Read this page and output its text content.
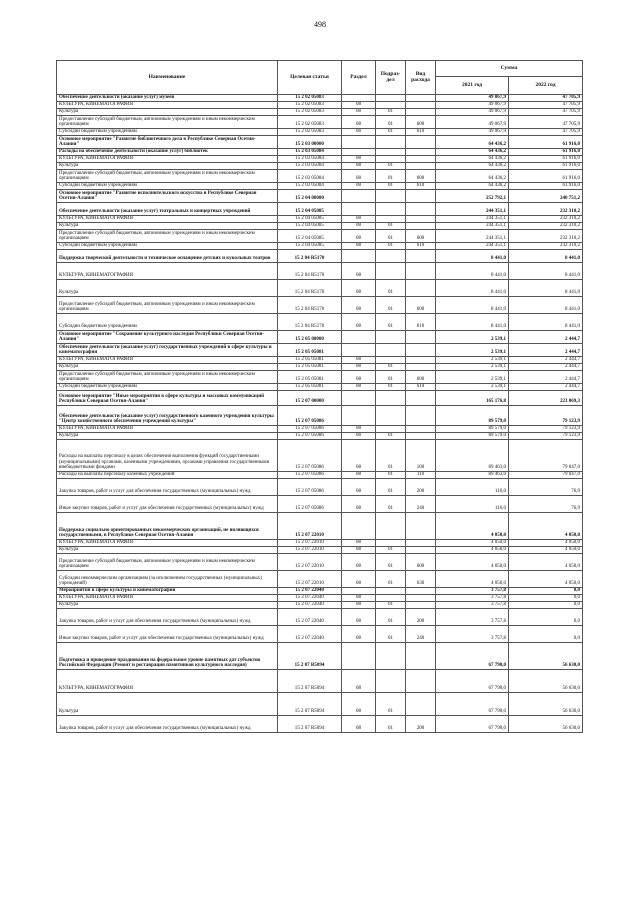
498
Наименование	Целевая статья	Раздел	Подраз-дел	Вид расхода	Сумма	
					2021 год	2022 год
Обеспечение деятельности (оказание услуг) музеев	15 2 02 05083				49 067,9	47 705,9
КУЛЬТУРА, КИНЕМАТОГРАФИЯ	15 2 02 05083	08			49 067,9	47 705,9
Культура	15 2 02 05083	08	01		49 067,9	47 705,9
Предоставление субсидий бюджетным, автономным учреждениям и иным некоммерческим организациям	15 2 02 05083	08	01	600	49 067,9	47 705,9
Субсидии бюджетным учреждениям	15 2 02 05083	08	01	610	49 067,9	47 705,9
Основное мероприятие "Развитие библиотечного дела в Республике Северная Осетия-Алания"	15 2 03 00000				64 436,2	61 916,0
Расходы на обеспечение деятельности (оказание услуг) библиотек	15 2 03 05084				64 436,2	61 916,0
КУЛЬТУРА, КИНЕМАТОГРАФИЯ	15 2 03 05084	08			64 436,2	61 916,0
Культура	15 2 03 05084	08	01		64 436,2	61 916,0
Предоставление субсидий бюджетным, автономным учреждениям и иным некоммерческим организациям	15 2 03 05084	08	01	600	64 436,2	61 916,0
Субсидии бюджетным учреждениям	15 2 03 05084	08	01	610	64 436,2	61 916,0
Основное мероприятие "Развитие исполнительского искусства в Республике Северная Осетия-Алания"	15 2 04 00000				252 792,1	240 751,2
Обеспечение деятельности (оказание услуг) театральных и концертных учреждений	15 2 04 05085				244 351,1	232 310,2
КУЛЬТУРА, КИНЕМАТОГРАФИЯ	15 2 04 05085	08			244 351,1	232 310,2
Культура	15 2 04 05085	08	01		244 351,1	232 310,2
Предоставление субсидий бюджетным, автономным учреждениям и иным некоммерческим организациям	15 2 04 05085	08	01	600	244 351,1	232 310,2
Субсидии бюджетным учреждениям	15 2 04 05085	08	01	610	244 351,1	232 310,2
Поддержка творческой деятельности и техническое оснащение детских и кукольных театров	15 2 04 R5170				8 441,0	8 441,0
КУЛЬТУРА, КИНЕМАТОГРАФИЯ	15 2 04 R5170	08			8 441,0	8 441,0
Культура	15 2 04 R5170	08	01		8 441,0	8 441,0
Предоставление субсидий бюджетным, автономным учреждениям и иным некоммерческим организациям	15 2 04 R5170	08	01	600	8 441,0	8 441,0
Субсидии бюджетным учреждениям	15 2 04 R5170	08	01	610	8 441,0	8 441,0
Основное мероприятие "Сохранение культурного наследия Республики Северная Осетия-Алания"	15 2 05 00000				2 539,1	2 444,7
Обеспечение деятельности (оказание услуг) государственных учреждений в сфере культуры и кинематографии	15 2 05 05081				2 539,1	2 444,7
КУЛЬТУРА, КИНЕМАТОГРАФИЯ	15 2 05 05081	08			2 539,1	2 444,7
Культура	15 2 05 05081	08	01		2 539,1	2 444,7
Предоставление субсидий бюджетным, автономным учреждениям и иным некоммерческим организациям	15 2 05 05081	08	01	600	2 539,1	2 444,7
Субсидии бюджетным учреждениям	15 2 05 05081	08	01	610	2 539,1	2 444,7
Основное мероприятие "Иные мероприятия в сфере культуры и массовых коммуникаций Республики Северная Осетия-Алания"	15 2 07 00000				165 176,8	223 069,3
Обеспечение деятельности (оказание услуг) государственного казенного учреждения культуры "Центр хозяйственного обеспечения учреждений культуры"	15 2 07 05086				89 579,0	79 123,9
КУЛЬТУРА, КИНЕМАТОГРАФИЯ	15 2 07 05086	08			89 579,0	79 123,9
Культура	15 2 07 05086	08	01		89 579,0	79 123,9
Расходы на выплаты персоналу в целях обеспечения выполнения функций государственными (муниципальными) органами, казенными учреждениями, органами управления государственными внебюджетными фондами	15 2 07 05086	08	01	100	89 463,0	79 047,0
Расходы на выплаты персоналу казенных учреждений	15 2 07 05086	08	01	110	89 463,0	79 047,0
Закупка товаров, работ и услуг для обеспечения государственных (муниципальных) нужд	15 2 07 05086	08	01	200	116,0	76,9
Иные закупки товаров, работ и услуг для обеспечения государственных (муниципальных) нужд	15 2 07 05086	08	01	240	116,0	76,9
Поддержка социально ориентированных некоммерческих организаций, не являющихся государственными, в Республике Северная Осетия-Алания	15 2 07 22010				4 050,0	4 050,0
КУЛЬТУРА, КИНЕМАТОГРАФИЯ	15 2 07 22010	08			4 050,0	4 050,0
Культура	15 2 07 22010	08	01		4 050,0	4 050,0
Предоставление субсидий бюджетным, автономным учреждениям и иным некоммерческим организациям	15 2 07 22010	08	01	600	4 050,0	4 050,0
Субсидии некоммерческим организациям (за исключением государственных (муниципальных) учреждений)	15 2 07 22010	08	01	630	4 050,0	4 050,0
Мероприятия в сфере культуры и кинематографии	15 2 07 22040				3 757,8	0,0
КУЛЬТУРА, КИНЕМАТОГРАФИЯ	15 2 07 22040	08			3 757,8	0,0
Культура	15 2 07 22040	08	01		3 757,8	0,0
Закупка товаров, работ и услуг для обеспечения государственных (муниципальных) нужд	15 2 07 22040	08	01	200	3 757,8	0,0
Иные закупки товаров, работ и услуг для обеспечения государственных (муниципальных) нужд	15 2 07 22040	08	01	240	3 757,8	0,0
Подготовка и проведение празднования на федеральном уровне памятных дат субъектов Российской Федерации (Ремонт и реставрация памятников культурного наследия)	15 2 07 R5094				67 790,0	56 630,0
КУЛЬТУРА, КИНЕМАТОГРАФИЯ	15 2 07 R5094	08			67 790,0	56 630,0
Культура	15 2 07 R5094	08	01		67 790,0	56 630,0
Закупка товаров, работ и услуг для обеспечения государственных (муниципальных) нужд	15 2 07 R5094	08	01	200	67 790,0	56 630,0
